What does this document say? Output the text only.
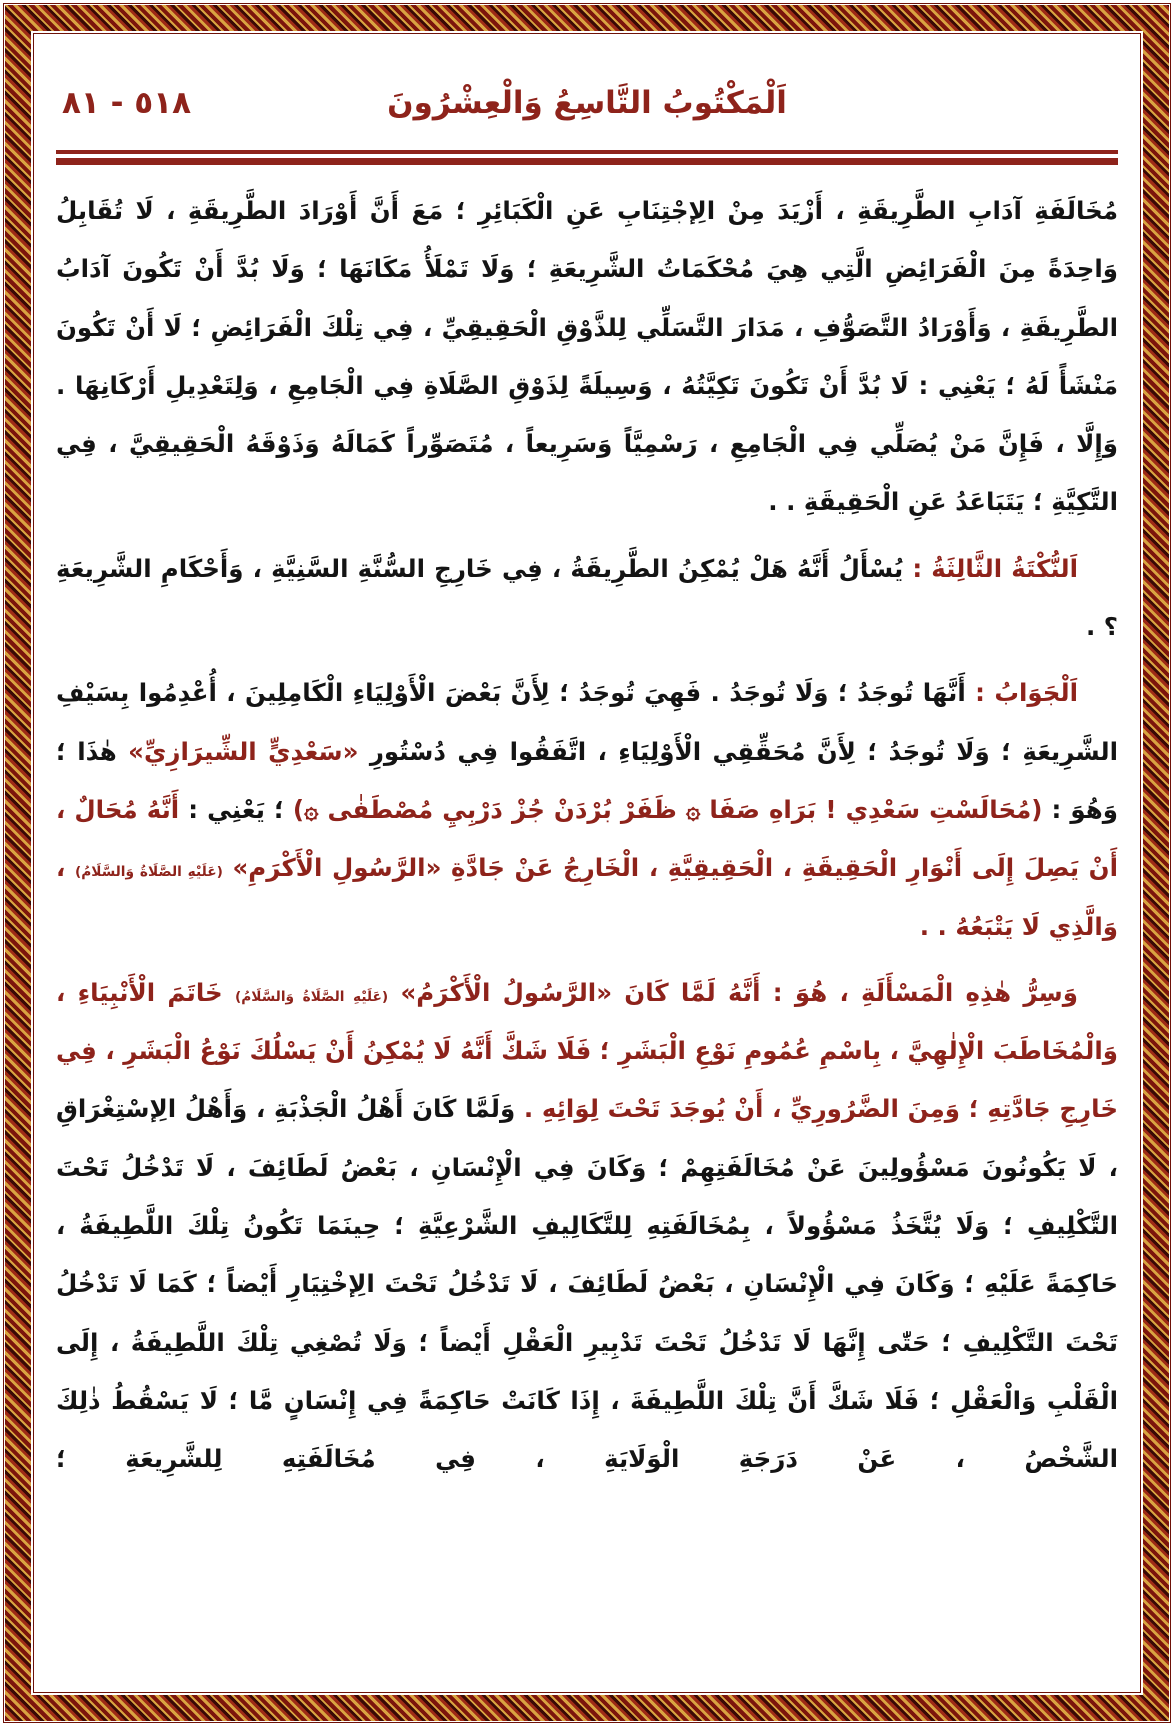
٥١٨ - ٨١	اَلْمَكْتُوبُ التَّاسِعُ وَالْعِشْرُونَ

مُخَالَفَةِ آدَابِ الطَّرِيقَةِ ، أَزْيَدَ مِنْ الِإجْتِنَابِ عَنِ الْكَبَائِرِ ؛ مَعَ أَنَّ أَوْرَادَ الطَّرِيقَةِ ، لَا تُقَابِلُ وَاحِدَةً مِنَ الْفَرَائِضِ الَّتِي هِيَ مُحْكَمَاتُ الشَّرِيعَةِ ؛ وَلَا تَمْلَأُ مَكَانَهَا ؛ وَلَا بُدَّ أَنْ تَكُونَ آدَابُ الطَّرِيقَةِ ، وَأَوْرَادُ التَّصَوُّفِ ، مَدَارَ التَّسَلِّي لِلذَّوْقِ الْحَقِيقِيِّ ، فِي تِلْكَ الْفَرَائِضِ ؛ لَا أَنْ تَكُونَ مَنْشَأً لَهُ ؛ يَعْنِي : لَا بُدَّ أَنْ تَكُونَ تَكِيَّتُهُ ، وَسِيلَةً لِذَوْقِ الصَّلَاةِ فِي الْجَامِعِ ، وَلِتَعْدِيلِ أَرْكَانِهَا . وَإِلَّا ، فَإِنَّ مَنْ يُصَلِّي فِي الْجَامِعِ ، رَسْمِيَّاً وَسَرِيعاً ، مُتَصَوِّراً كَمَالَهُ وَذَوْقَهُ الْحَقِيقِيَّ ، فِي التَّكِيَّةِ ؛ يَتَبَاعَدُ عَنِ الْحَقِيقَةِ . .

اَلنُّكْتَةُ الثَّالِثَةُ : يُسْأَلُ أَنَّهُ هَلْ يُمْكِنُ الطَّرِيقَةُ ، فِي خَارِجِ السُّنَّةِ السَّنِيَّةِ ، وَأَحْكَامِ الشَّرِيعَةِ ؟ .

اَلْجَوَابُ : أَنَّهَا تُوجَدُ ؛ وَلَا تُوجَدُ . فَهِيَ تُوجَدُ ؛ لِأَنَّ بَعْضَ الْأَوْلِيَاءِ الْكَامِلِينَ ، أُعْدِمُوا بِسَيْفِ الشَّرِيعَةِ ؛ وَلَا تُوجَدُ ؛ لِأَنَّ مُحَقِّقِي الْأَوْلِيَاءِ ، اتَّفَقُوا فِي دُسْتُورِ «سَعْدِيٍّ الشِّيرَازِيِّ» هٰذَا ؛ وَهُوَ : (مُحَالَسْتِ سَعْدِي ! بَرَاهِ صَفَا ۞ ظَفَرْ بُرْدَنْ جُزْ دَرْبِيِ مُصْطَفٰى ۞) ؛ يَعْنِي : أَنَّهُ مُحَالٌ ، أَنْ يَصِلَ إِلَى أَنْوَارِ الْحَقِيقَةِ ، الْحَقِيقِيَّةِ ، الْخَارِجُ عَنْ جَادَّةِ «الرَّسُولِ الْأَكْرَمِ» (عَلَيْهِ الصَّلَاةُ وَالسَّلَامُ) ، وَالَّذِي لَا يَتْبَعُهُ . .

وَسِرُّ هٰذِهِ الْمَسْأَلَةِ ، هُوَ : أَنَّهُ لَمَّا كَانَ «الرَّسُولُ الْأَكْرَمُ» (عَلَيْهِ الصَّلَاةُ وَالسَّلَامُ) خَاتَمَ الْأَنْبِيَاءِ ، وَالْمُخَاطَبَ الْإِلٰهِيَّ ، بِاسْمِ عُمُومِ نَوْعِ الْبَشَرِ ؛ فَلَا شَكَّ أَنَّهُ لَا يُمْكِنُ أَنْ يَسْلُكَ نَوْعُ الْبَشَرِ ، فِي خَارِجِ جَادَّتِهِ ؛ وَمِنَ الضَّرُورِيِّ ، أَنْ يُوجَدَ تَحْتَ لِوَائِهِ . وَلَمَّا كَانَ أَهْلُ الْجَذْبَةِ ، وَأَهْلُ الِإسْتِغْرَاقِ ، لَا يَكُونُونَ مَسْؤُولِينَ عَنْ مُخَالَفَتِهِمْ ؛ وَكَانَ فِي الْإِنْسَانِ ، بَعْضُ لَطَائِفَ ، لَا تَدْخُلُ تَحْتَ التَّكْلِيفِ ؛ وَلَا يُتَّخَذُ مَسْؤُولاً ، بِمُخَالَفَتِهِ لِلتَّكَالِيفِ الشَّرْعِيَّةِ ؛ حِينَمَا تَكُونُ تِلْكَ اللَّطِيفَةُ ، حَاكِمَةً عَلَيْهِ ؛ وَكَانَ فِي الْإِنْسَانِ ، بَعْضُ لَطَائِفَ ، لَا تَدْخُلُ تَحْتَ الِإخْتِيَارِ أَيْضاً ؛ كَمَا لَا تَدْخُلُ تَحْتَ التَّكْلِيفِ ؛ حَتّٰى إِنَّهَا لَا تَدْخُلُ تَحْتَ تَدْبِيرِ الْعَقْلِ أَيْضاً ؛ وَلَا تُصْغِي تِلْكَ اللَّطِيفَةُ ، إِلَى الْقَلْبِ وَالْعَقْلِ ؛ فَلَا شَكَّ أَنَّ تِلْكَ اللَّطِيفَةَ ، إِذَا كَانَتْ حَاكِمَةً فِي إِنْسَانٍ مَّا ؛ لَا يَسْقُطُ ذٰلِكَ الشَّخْصُ ، عَنْ دَرَجَةِ الْوَلَايَةِ ، فِي مُخَالَفَتِهِ لِلشَّرِيعَةِ ؛
